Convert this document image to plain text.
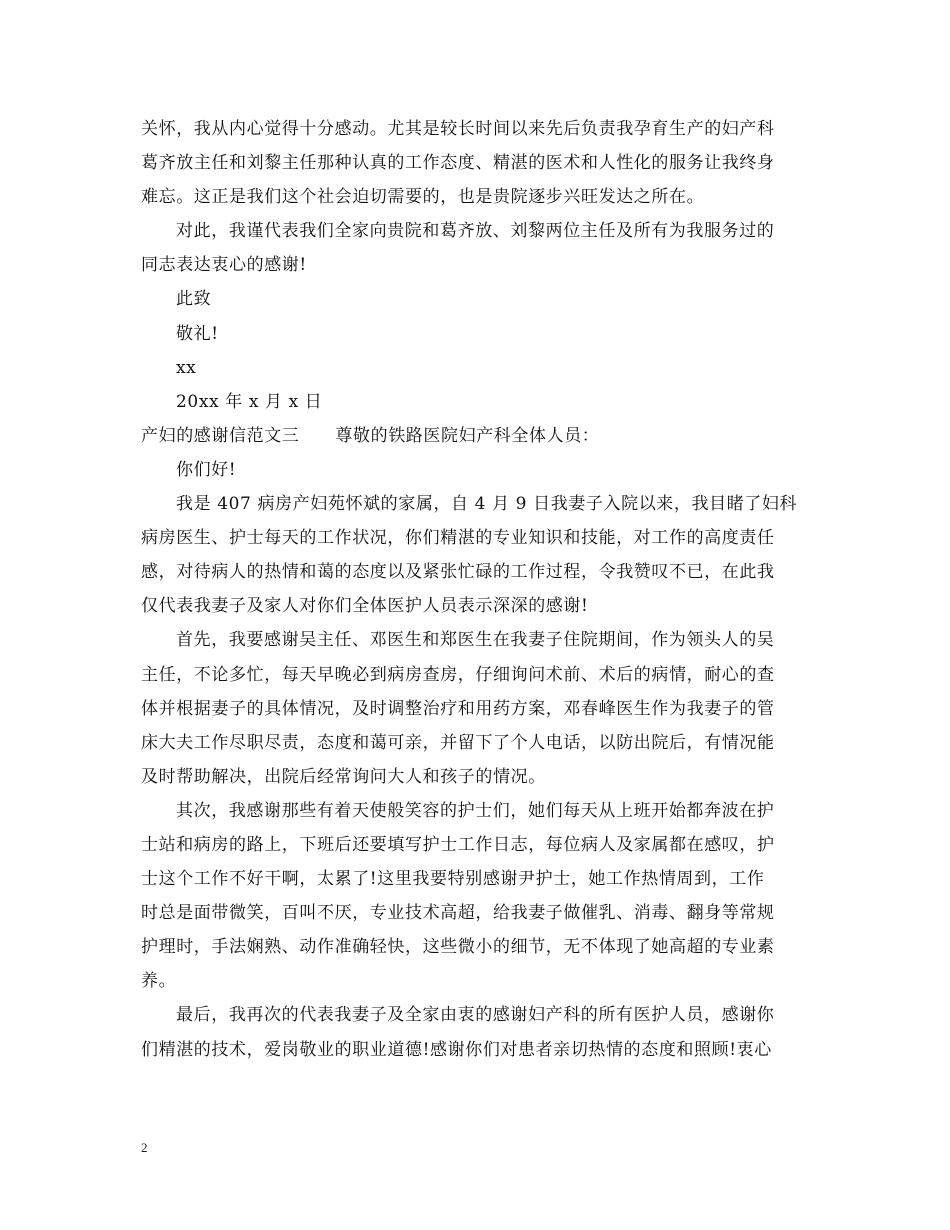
关怀，我从内心觉得十分感动。尤其是较长时间以来先后负责我孕育生产的妇产科
葛齐放主任和刘黎主任那种认真的工作态度、精湛的医术和人性化的服务让我终身
难忘。这正是我们这个社会迫切需要的，也是贵院逐步兴旺发达之所在。
对此，我谨代表我们全家向贵院和葛齐放、刘黎两位主任及所有为我服务过的
同志表达衷心的感谢!
此致
敬礼!
xx
20xx 年 x 月 x 日
产妇的感谢信范文三 尊敬的铁路医院妇产科全体人员：
你们好!
我是 407 病房产妇苑怀斌的家属，自 4 月 9 日我妻子入院以来，我目睹了妇科
病房医生、护士每天的工作状况，你们精湛的专业知识和技能，对工作的高度责任
感，对待病人的热情和蔼的态度以及紧张忙碌的工作过程，令我赞叹不已，在此我
仅代表我妻子及家人对你们全体医护人员表示深深的感谢!
首先，我要感谢吴主任、邓医生和郑医生在我妻子住院期间，作为领头人的吴
主任，不论多忙，每天早晚必到病房查房，仔细询问术前、术后的病情，耐心的查
体并根据妻子的具体情况，及时调整治疗和用药方案，邓春峰医生作为我妻子的管
床大夫工作尽职尽责，态度和蔼可亲，并留下了个人电话，以防出院后，有情况能
及时帮助解决，出院后经常询问大人和孩子的情况。
其次，我感谢那些有着天使般笑容的护士们，她们每天从上班开始都奔波在护
士站和病房的路上，下班后还要填写护士工作日志，每位病人及家属都在感叹，护
士这个工作不好干啊，太累了!这里我要特别感谢尹护士，她工作热情周到，工作
时总是面带微笑，百叫不厌，专业技术高超，给我妻子做催乳、消毒、翻身等常规
护理时，手法娴熟、动作准确轻快，这些微小的细节，无不体现了她高超的专业素
养。
最后，我再次的代表我妻子及全家由衷的感谢妇产科的所有医护人员，感谢你
们精湛的技术，爱岗敬业的职业道德!感谢你们对患者亲切热情的态度和照顾!衷心
2
